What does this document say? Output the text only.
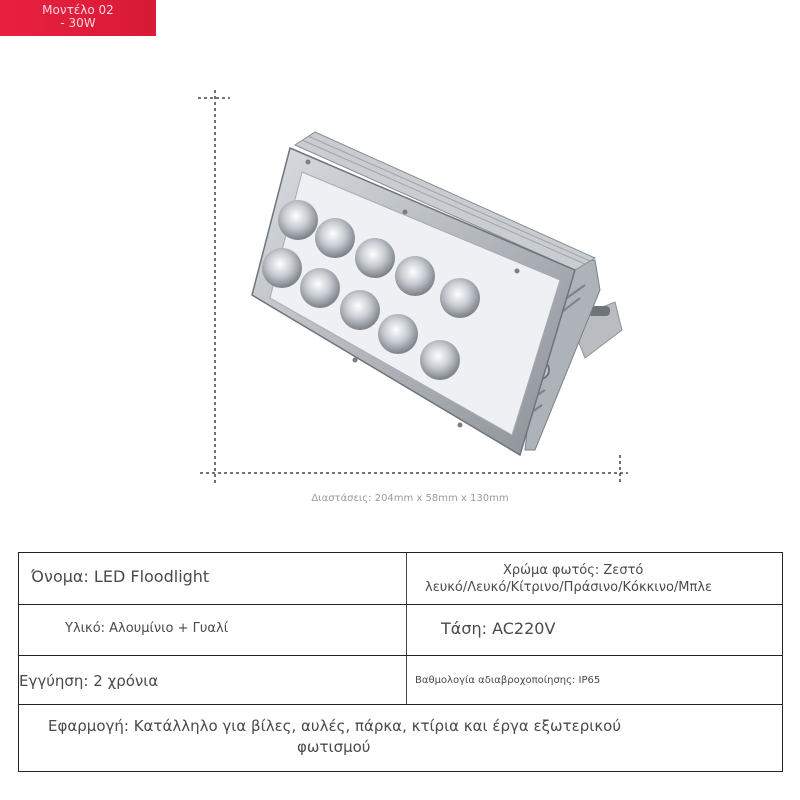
Μοντέλο 02
- 30W
Διαστάσεις: 204mm x 58mm x 130mm
Όνομα: LED Floodlight	Χρώμα φωτός: Ζεστό
λευκό/Λευκό/Κίτρινο/Πράσινο/Κόκκινο/Μπλε
Υλικό: Αλουμίνιο + Γυαλί	Τάση: AC220V
Εγγύηση: 2 χρόνια	Βαθμολογία αδιαβροχοποίησης: IP65
Εφαρμογή: Κατάλληλο για βίλες, αυλές, πάρκα, κτίρια και έργα εξωτερικού
φωτισμού
